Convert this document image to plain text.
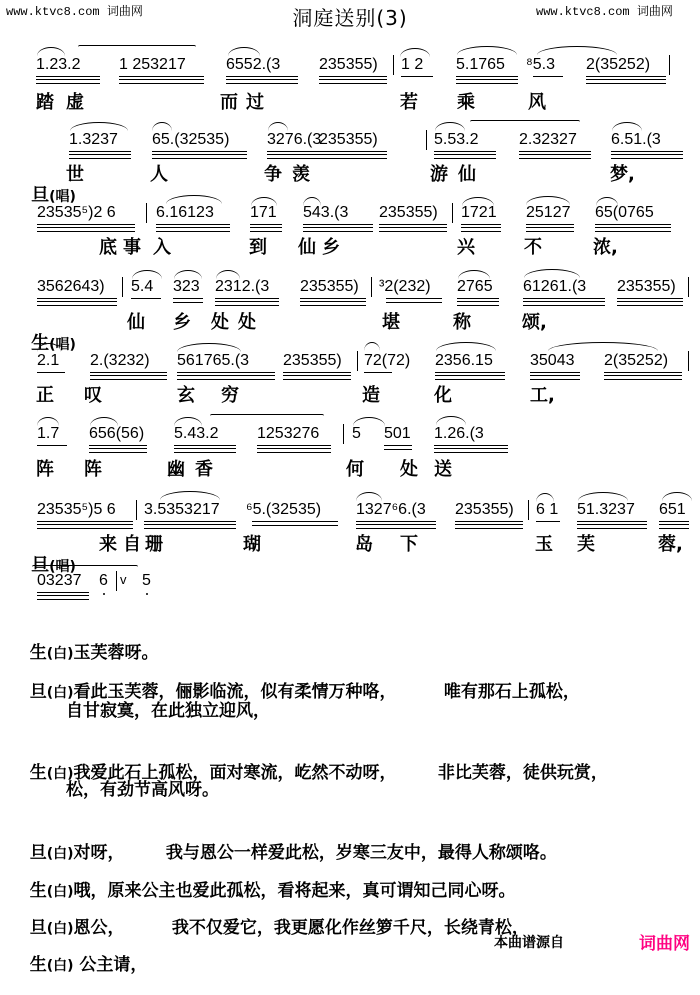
www.ktvc8.com 词曲网	www.ktvc8.com 词曲网
洞庭送别(3)
1.23.2 1 253217	6552.(3 235355) 1 2 5.1765 ⁸5.3 2(35252)
踏 虚	而 过	若 乘	风

旦(唱)

1.3237 65.(32535) 3276.(3
235355)	5.53.2	2.32327 6.51.(3
世	人	争 羡	游 仙	梦,
23535⁵)2 6	6.16123 171 543.(3 235355) 1721 25127 65(0765
底 事 入	到 仙 乡	兴	不	浓,

生(唱)

3562643) 5.4 323 2312.(3 235355) ³2(232) 2765 61261.(3 235355)
仙 乡 处 处	堪	称	颂,
2.1 2.(3232) 561765.(3 235355) 72(72) 2356.15 35043 2(35252)
正 叹	玄 穷	造	化	工,
1.7 656(56) 5.43.2 1253276 5 501 1.26.(3
阵 阵	幽 香	何 处 送

旦(唱)

23535⁵)5 6 3.5353217 ⁶5.(32535) 1327⁶6.(3 235355) 6 1 51.3237 651
来 自 珊	瑚	岛 下	玉 芙	蓉,
03237 6 v 5

生(白)玉芙蓉呀。

旦(白)看此玉芙蓉，俪影临流，似有柔情万种咯，        唯有那石上孤松，

自甘寂寞，在此独立迎风，

生(白)我爱此石上孤松，面对寒流，屹然不动呀，       非比芙蓉，徒供玩赏，

松，有劲节高风呀。

旦(白)对呀，       我与恩公一样爱此松，岁寒三友中，最得人称颂咯。

生(白)哦，原来公主也爱此孤松，看将起来，真可谓知己同心呀。

旦(白)恩公，        我不仅爱它，我更愿化作丝箩千尺，长绕青松，

生(白) 公主请，

本曲谱源自	词曲网
